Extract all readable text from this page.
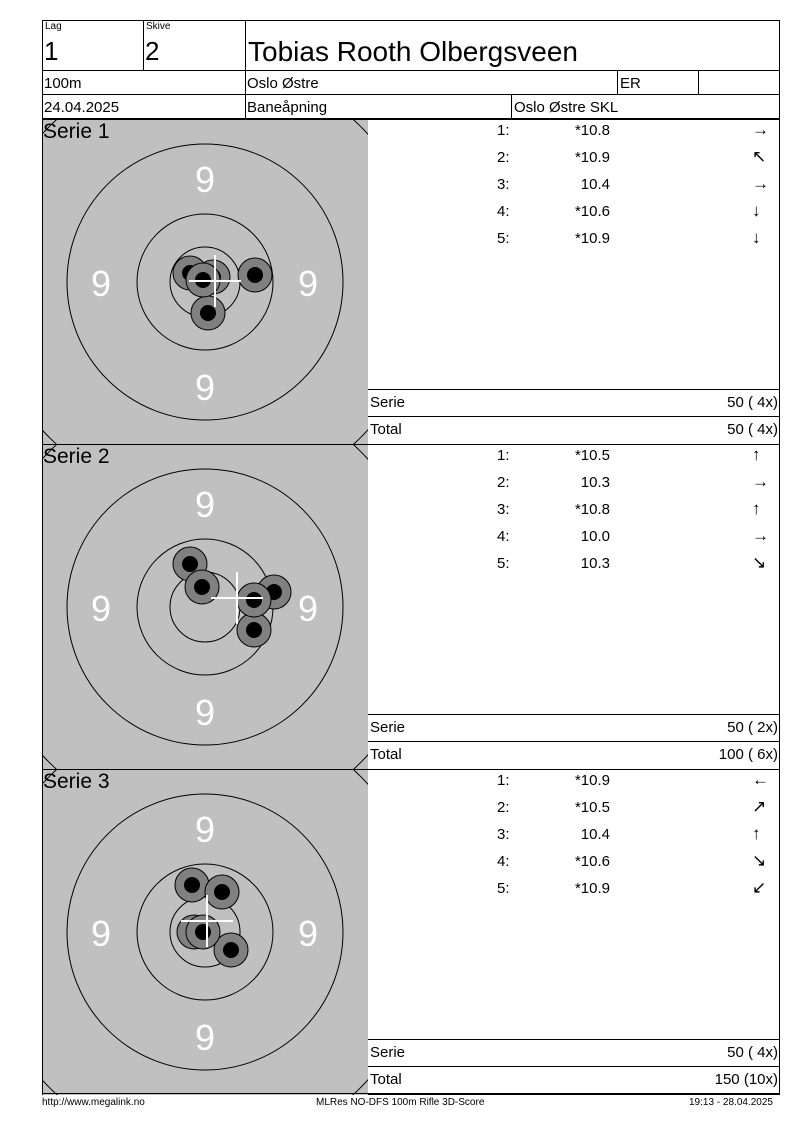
Lag
1
Skive
2	Tobias Rooth Olbergsveen
100m	Oslo Østre	ER
24.04.2025	Baneåpning	Oslo Østre SKL
9
9
9	9
Serie 1	1:	*10.8	→
2:	*10.9	↖
3:	10.4	→
4:	*10.6	↓
5:	*10.9	↓
Serie	50 ( 4x)
Total	50 ( 4x)
9
9
9	9
Serie 2	1:	*10.5	↑
2:	10.3	→
3:	*10.8	↑
4:	10.0	→
5:	10.3	↘
Serie	50 ( 2x)
Total	100 ( 6x)
9
9
9	9
Serie 3	1:	*10.9	←
2:	*10.5	↗
3:	10.4	↑
4:	*10.6	↘
5:	*10.9	↙
Serie	50 ( 4x)
Total	150 (10x)
http://www.megalink.no	MLRes NO-DFS 100m Rifle 3D-Score	19:13 - 28.04.2025
